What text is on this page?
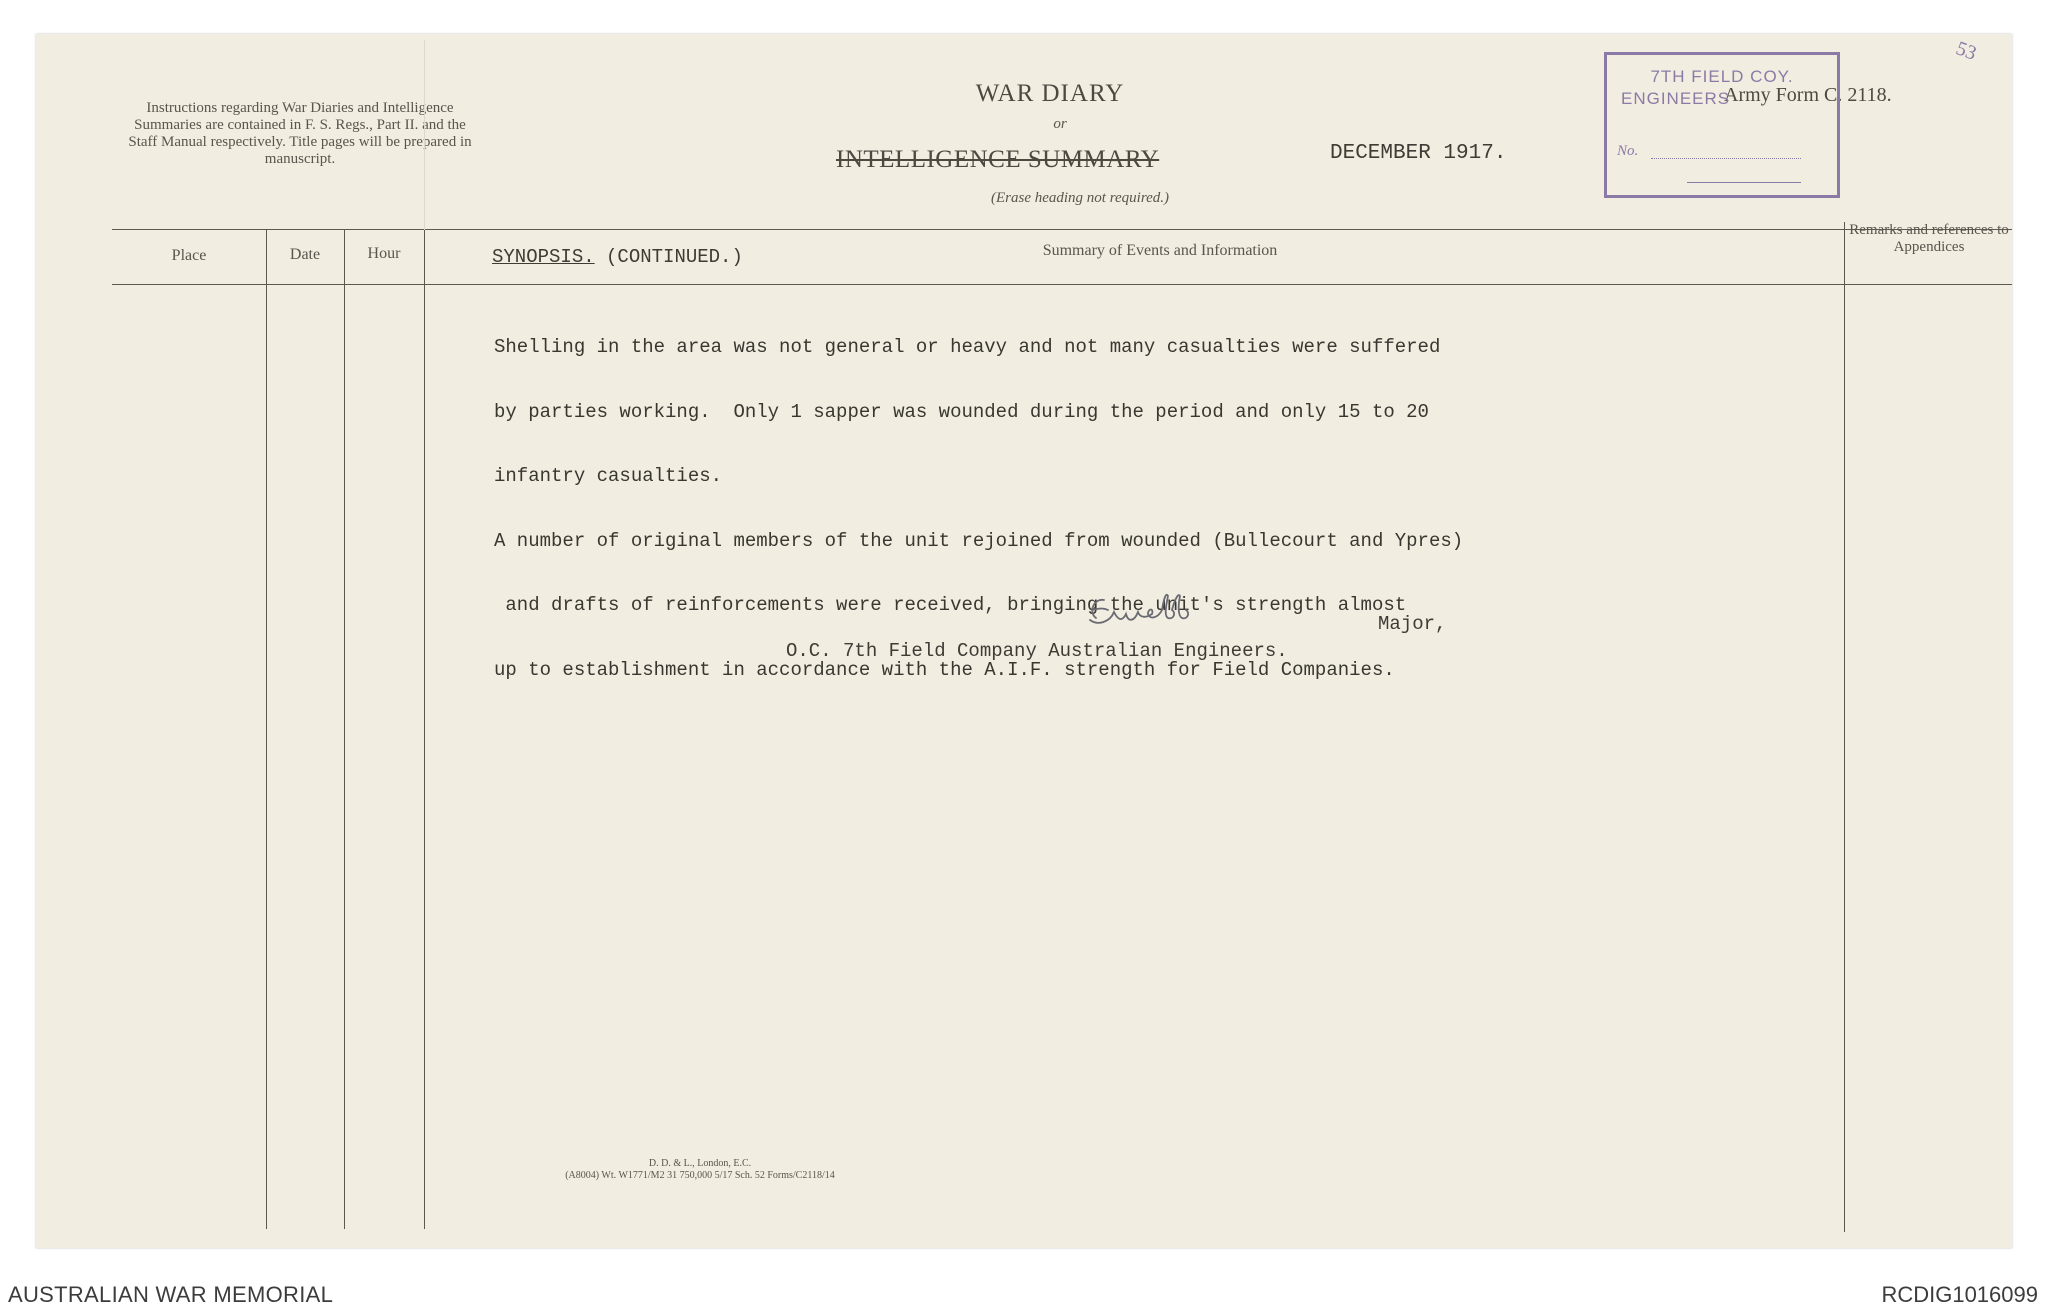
53
Instructions regarding War Diaries and Intelligence Summaries are contained in F. S. Regs., Part II. and the Staff Manual respectively. Title pages will be prepared in manuscript.
WAR DIARY
or
INTELLIGENCE SUMMARY	DECEMBER 1917.
(Erase heading not required.)
Army Form C. 2118.
7TH FIELD COY.
ENGINEERS
No.
Place	Date	Hour	Summary of Events and Information
Remarks and references to Appendices
SYNOPSIS. (CONTINUED.)

Shelling in the area was not general or heavy and not many casualties were suffered

by parties working.  Only 1 sapper was wounded during the period and only 15 to 20

infantry casualties.

A number of original members of the unit rejoined from wounded (Bullecourt and Ypres)

and drafts of reinforcements were received, bringing the unit's strength almost

up to establishment in accordance with the A.I.F. strength for Field Companies.

Major,
O.C. 7th Field Company Australian Engineers.
D. D. & L., London, E.C.
(A8004) Wt. W1771/M2 31 750,000 5/17 Sch. 52 Forms/C2118/14
AUSTRALIAN WAR MEMORIAL	RCDIG1016099
